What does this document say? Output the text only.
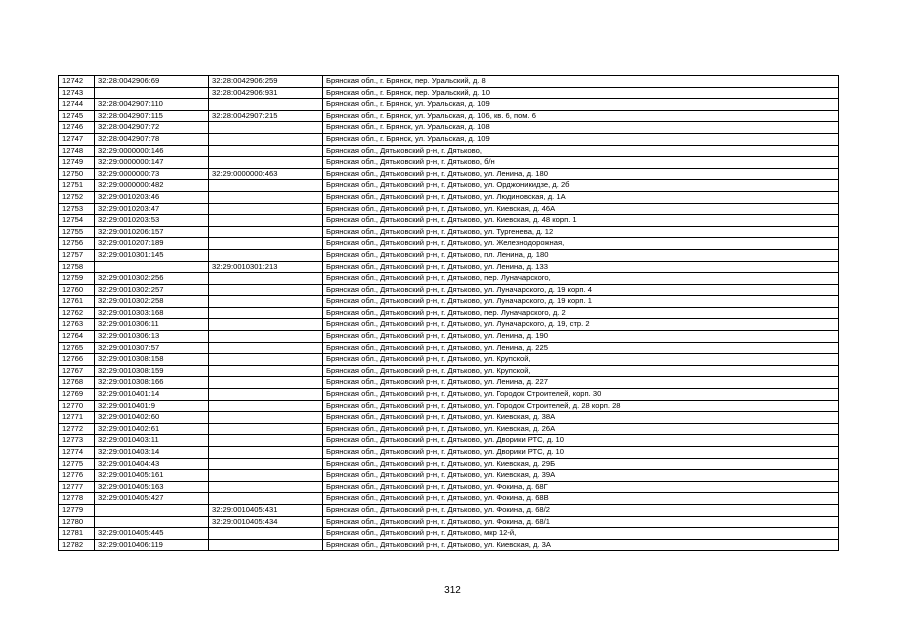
12742	32:28:0042906:69	32:28:0042906:259	Брянская обл., г. Брянск, пер. Уральский, д. 8
12743		32:28:0042906:931	Брянская обл., г. Брянск, пер. Уральский, д. 10
12744	32:28:0042907:110		Брянская обл., г. Брянск, ул. Уральская, д. 109
12745	32:28:0042907:115	32:28:0042907:215	Брянская обл., г. Брянск, ул. Уральская, д. 106, кв. 6, пом. 6
12746	32:28:0042907:72		Брянская обл., г. Брянск, ул. Уральская, д. 108
12747	32:28:0042907:78		Брянская обл., г. Брянск, ул. Уральская, д. 109
12748	32:29:0000000:146		Брянская обл., Дятьковский р-н, г. Дятьково,
12749	32:29:0000000:147		Брянская обл., Дятьковский р-н, г. Дятьково, б/н
12750	32:29:0000000:73	32:29:0000000:463	Брянская обл., Дятьковский р-н, г. Дятьково, ул. Ленина, д. 180
12751	32:29:0000000:482		Брянская обл., Дятьковский р-н, г. Дятьково, ул. Орджоникидзе, д. 2б
12752	32:29:0010203:46		Брянская обл., Дятьковский р-н, г. Дятьково, ул. Людиновская, д. 1А
12753	32:29:0010203:47		Брянская обл., Дятьковский р-н, г. Дятьково, ул. Киевская, д. 46А
12754	32:29:0010203:53		Брянская обл., Дятьковский р-н, г. Дятьково, ул. Киевская, д. 48 корп. 1
12755	32:29:0010206:157		Брянская обл., Дятьковский р-н, г. Дятьково, ул. Тургенева, д. 12
12756	32:29:0010207:189		Брянская обл., Дятьковский р-н, г. Дятьково, ул. Железнодорожная,
12757	32:29:0010301:145		Брянская обл., Дятьковский р-н, г. Дятьково, пл. Ленина, д. 180
12758		32:29:0010301:213	Брянская обл., Дятьковский р-н, г. Дятьково, ул. Ленина, д. 133
12759	32:29:0010302:256		Брянская обл., Дятьковский р-н, г. Дятьково, пер. Луначарского,
12760	32:29:0010302:257		Брянская обл., Дятьковский р-н, г. Дятьково, ул. Луначарского, д. 19 корп. 4
12761	32:29:0010302:258		Брянская обл., Дятьковский р-н, г. Дятьково, ул. Луначарского, д. 19 корп. 1
12762	32:29:0010303:168		Брянская обл., Дятьковский р-н, г. Дятьково, пер. Луначарского, д. 2
12763	32:29:0010306:11		Брянская обл., Дятьковский р-н, г. Дятьково, ул. Луначарского, д. 19, стр. 2
12764	32:29:0010306:13		Брянская обл., Дятьковский р-н, г. Дятьково, ул. Ленина, д. 190
12765	32:29:0010307:57		Брянская обл., Дятьковский р-н, г. Дятьково, ул. Ленина, д. 225
12766	32:29:0010308:158		Брянская обл., Дятьковский р-н, г. Дятьково, ул. Крупской,
12767	32:29:0010308:159		Брянская обл., Дятьковский р-н, г. Дятьково, ул. Крупской,
12768	32:29:0010308:166		Брянская обл., Дятьковский р-н, г. Дятьково, ул. Ленина, д. 227
12769	32:29:0010401:14		Брянская обл., Дятьковский р-н, г. Дятьково, ул. Городок Строителей, корп. 30
12770	32:29:0010401:9		Брянская обл., Дятьковский р-н, г. Дятьково, ул. Городок Строителей, д. 28 корп. 28
12771	32:29:0010402:60		Брянская обл., Дятьковский р-н, г. Дятьково, ул. Киевская, д. 38А
12772	32:29:0010402:61		Брянская обл., Дятьковский р-н, г. Дятьково, ул. Киевская, д. 26А
12773	32:29:0010403:11		Брянская обл., Дятьковский р-н, г. Дятьково, ул. Дворики РТС, д. 10
12774	32:29:0010403:14		Брянская обл., Дятьковский р-н, г. Дятьково, ул. Дворики РТС, д. 10
12775	32:29:0010404:43		Брянская обл., Дятьковский р-н, г. Дятьково, ул. Киевская, д. 29Б
12776	32:29:0010405:161		Брянская обл., Дятьковский р-н, г. Дятьково, ул. Киевская, д. 39А
12777	32:29:0010405:163		Брянская обл., Дятьковский р-н, г. Дятьково, ул. Фокина, д. 68Г
12778	32:29:0010405:427		Брянская обл., Дятьковский р-н, г. Дятьково, ул. Фокина, д. 68В
12779		32:29:0010405:431	Брянская обл., Дятьковский р-н, г. Дятьково, ул. Фокина, д. 68/2
12780		32:29:0010405:434	Брянская обл., Дятьковский р-н, г. Дятьково, ул. Фокина, д. 68/1
12781	32:29:0010405:445		Брянская обл., Дятьковский р-н, г. Дятьково, мкр 12-й,
12782	32:29:0010406:119		Брянская обл., Дятьковский р-н, г. Дятьково, ул. Киевская, д. 3А
312
